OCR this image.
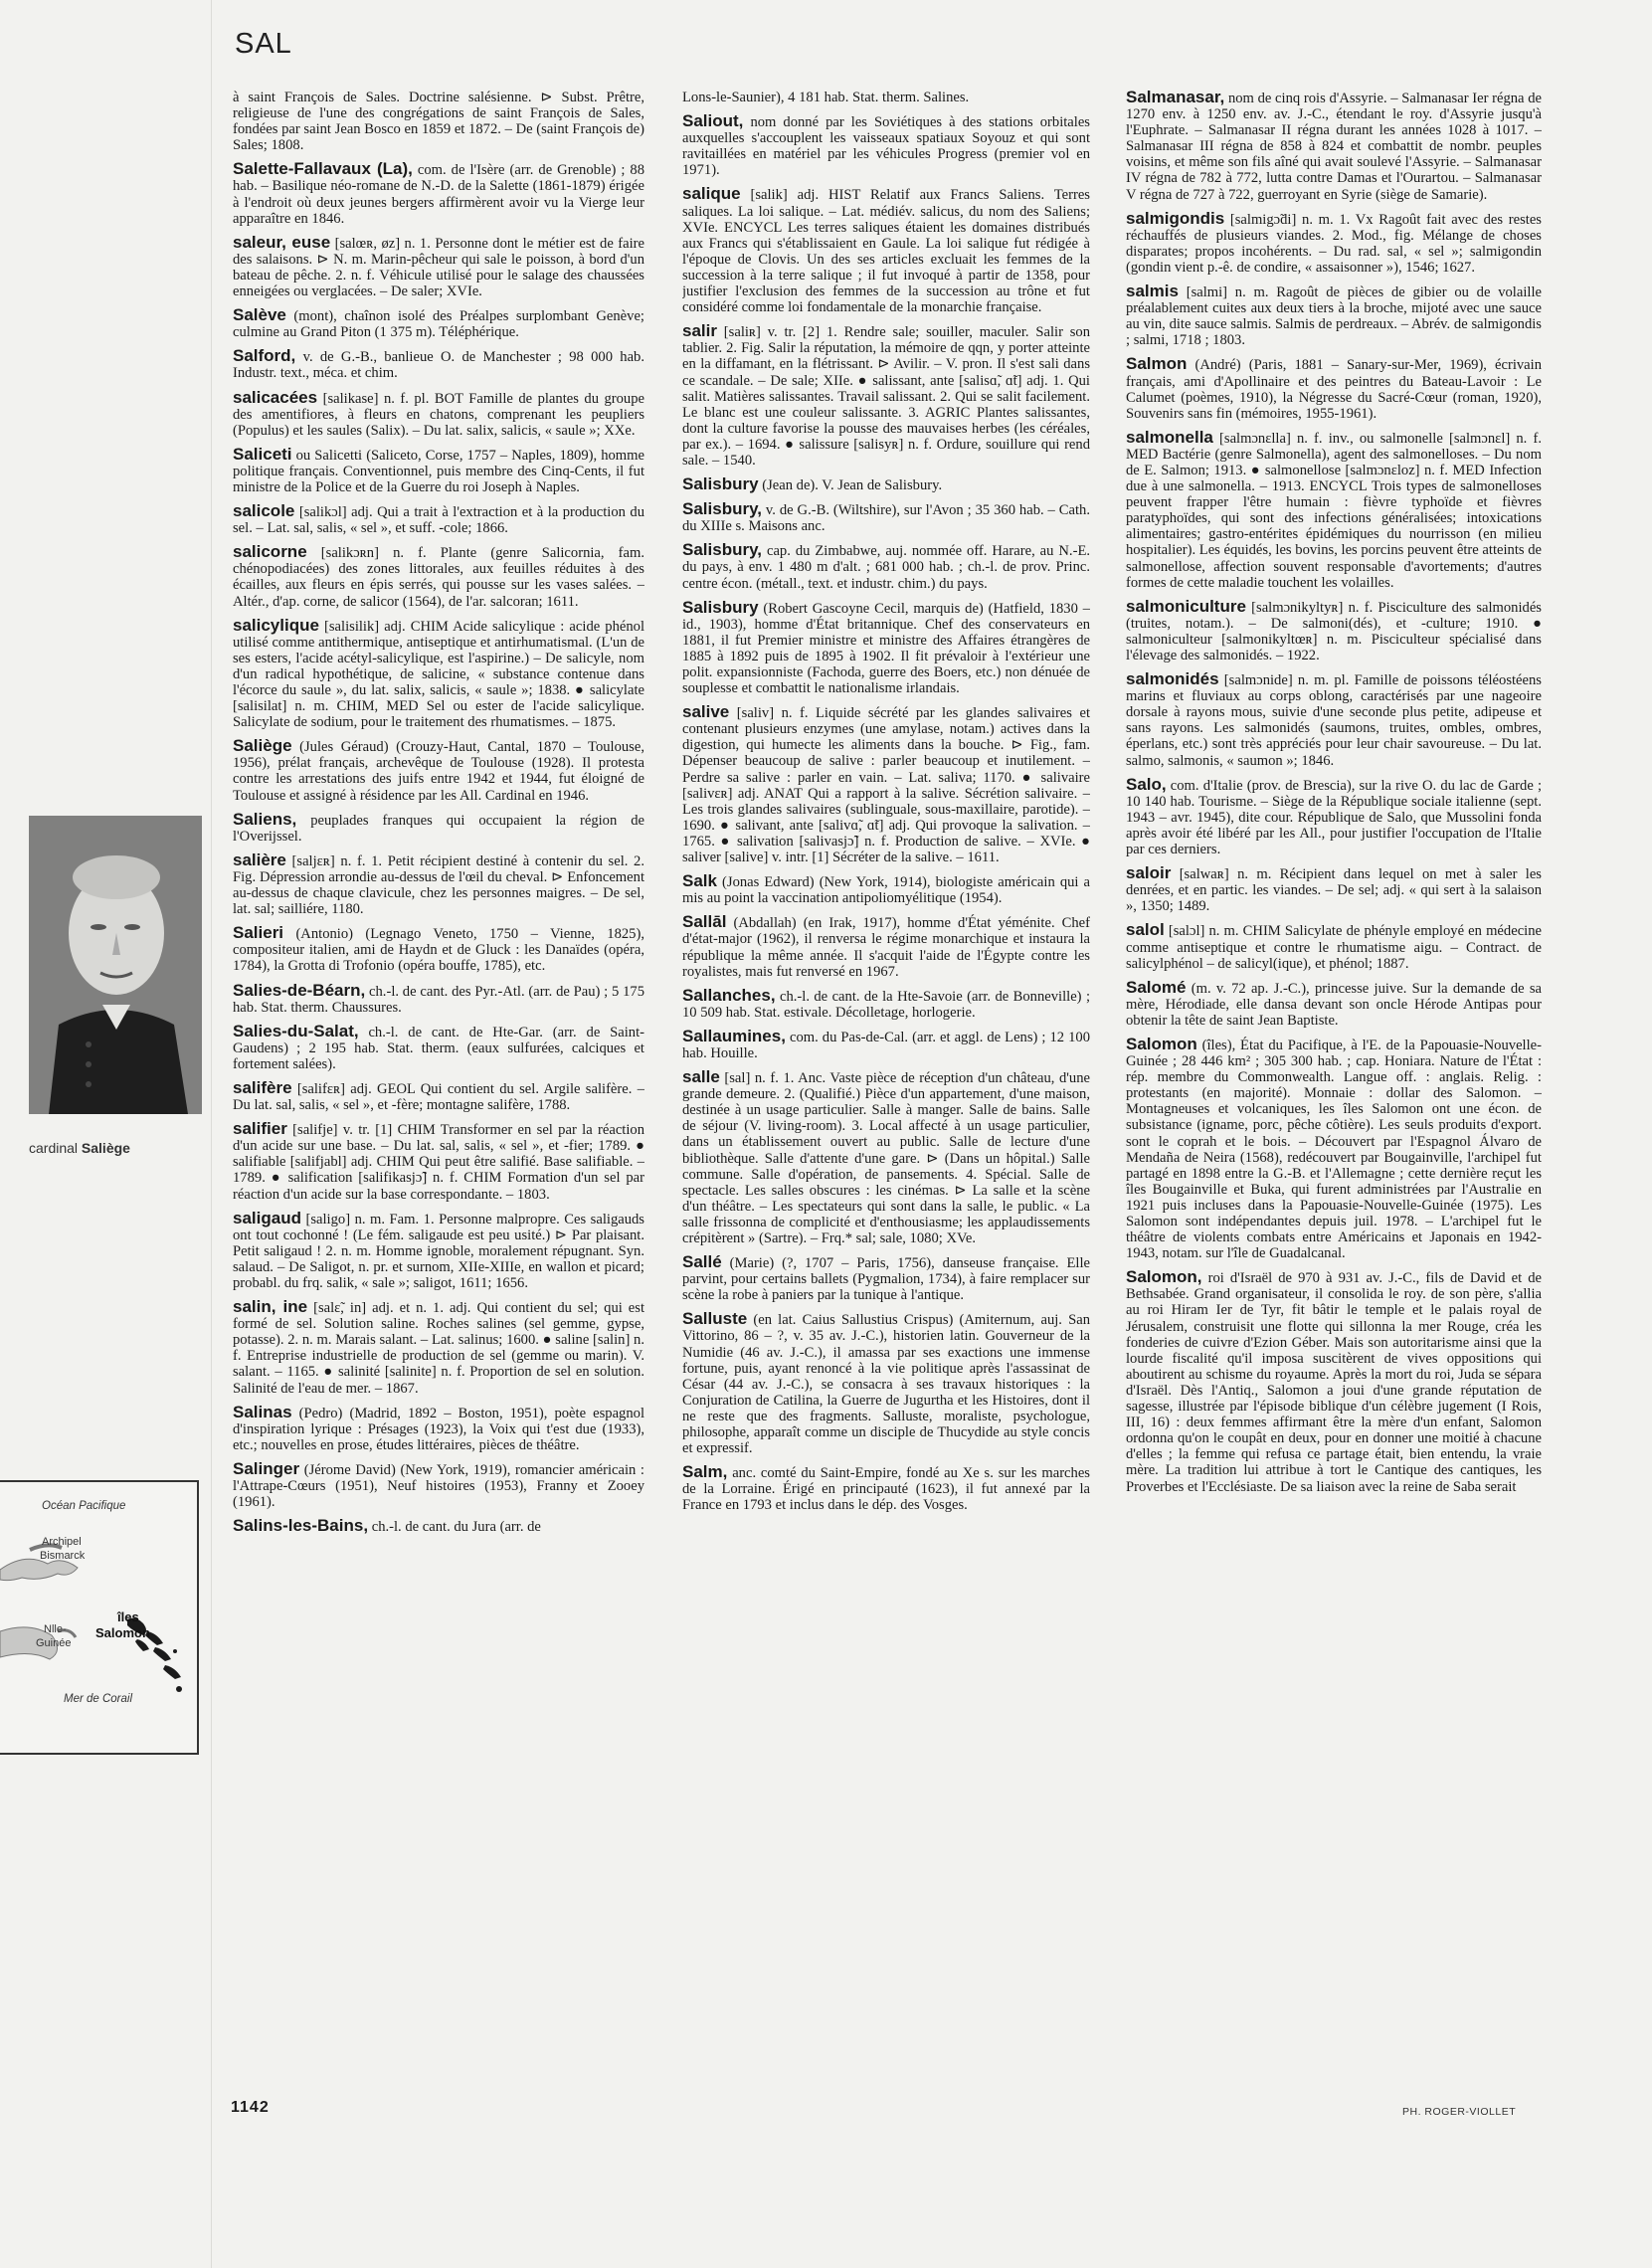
SAL

à saint François de Sales. Doctrine salésienne. ⊳ Subst. Prêtre, religieuse de l'une des congrégations de saint François de Sales, fondées par saint Jean Bosco en 1859 et 1872. – De (saint François de) Sales; 1808.

Salette-Fallavaux (La), com. de l'Isère (arr. de Grenoble) ; 88 hab. – Basilique néo-romane de N.-D. de la Salette (1861-1879) érigée à l'endroit où deux jeunes bergers affirmèrent avoir vu la Vierge leur apparaître en 1846.

saleur, euse [salœʀ, øz] n. 1. Personne dont le métier est de faire des salaisons. ⊳ N. m. Marin-pêcheur qui sale le poisson, à bord d'un bateau de pêche. 2. n. f. Véhicule utilisé pour le salage des chaussées enneigées ou verglacées. – De saler; XVIe.

Salève (mont), chaînon isolé des Préalpes surplombant Genève; culmine au Grand Piton (1 375 m). Téléphérique.

Salford, v. de G.-B., banlieue O. de Manchester ; 98 000 hab. Industr. text., méca. et chim.

salicacées [salikase] n. f. pl. BOT Famille de plantes du groupe des amentifiores, à fleurs en chatons, comprenant les peupliers (Populus) et les saules (Salix). – Du lat. salix, salicis, « saule »; XXe.

Saliceti ou Salicetti (Saliceto, Corse, 1757 – Naples, 1809), homme politique français. Conventionnel, puis membre des Cinq-Cents, il fut ministre de la Police et de la Guerre du roi Joseph à Naples.

salicole [salikɔl] adj. Qui a trait à l'extraction et à la production du sel. – Lat. sal, salis, « sel », et suff. -cole; 1866.

salicorne [salikɔʀn] n. f. Plante (genre Salicornia, fam. chénopodiacées) des zones littorales, aux feuilles réduites à des écailles, aux fleurs en épis serrés, qui pousse sur les vases salées. – Altér., d'ap. corne, de salicor (1564), de l'ar. salcoran; 1611.

salicylique [salisilik] adj. CHIM Acide salicylique : acide phénol utilisé comme antithermique, antiseptique et antirhumatismal. (L'un de ses esters, l'acide acétyl-salicylique, est l'aspirine.) – De salicyle, nom d'un radical hypothétique, de salicine, « substance contenue dans l'écorce du saule », du lat. salix, salicis, « saule »; 1838. ● salicylate [salisilat] n. m. CHIM, MED Sel ou ester de l'acide salicylique. Salicylate de sodium, pour le traitement des rhumatismes. – 1875.

Saliège (Jules Géraud) (Crouzy-Haut, Cantal, 1870 – Toulouse, 1956), prélat français, archevêque de Toulouse (1928). Il protesta contre les arrestations des juifs entre 1942 et 1944, fut éloigné de Toulouse et assigné à résidence par les All. Cardinal en 1946.

Saliens, peuplades franques qui occupaient la région de l'Overijssel.

salière [saljɛʀ] n. f. 1. Petit récipient destiné à contenir du sel. 2. Fig. Dépression arrondie au-dessus de l'œil du cheval. ⊳ Enfoncement au-dessus de chaque clavicule, chez les personnes maigres. – De sel, lat. sal; sailliére, 1180.

Salieri (Antonio) (Legnago Veneto, 1750 – Vienne, 1825), compositeur italien, ami de Haydn et de Gluck : les Danaïdes (opéra, 1784), la Grotta di Trofonio (opéra bouffe, 1785), etc.

Salies-de-Béarn, ch.-l. de cant. des Pyr.-Atl. (arr. de Pau) ; 5 175 hab. Stat. therm. Chaussures.

Salies-du-Salat, ch.-l. de cant. de Hte-Gar. (arr. de Saint-Gaudens) ; 2 195 hab. Stat. therm. (eaux sulfurées, calciques et fortement salées).

salifère [salifɛʀ] adj. GEOL Qui contient du sel. Argile salifère. – Du lat. sal, salis, « sel », et -fère; montagne salifère, 1788.

salifier [salifje] v. tr. [1] CHIM Transformer en sel par la réaction d'un acide sur une base. – Du lat. sal, salis, « sel », et -fier; 1789. ● salifiable [salifjabl] adj. CHIM Qui peut être salifié. Base salifiable. – 1789. ● salification [salifikasjɔ̃] n. f. CHIM Formation d'un sel par réaction d'un acide sur la base correspondante. – 1803.

saligaud [saligo] n. m. Fam. 1. Personne malpropre. Ces saligauds ont tout cochonné ! (Le fém. saligaude est peu usité.) ⊳ Par plaisant. Petit saligaud ! 2. n. m. Homme ignoble, moralement répugnant. Syn. salaud. – De Saligot, n. pr. et surnom, XIIe-XIIIe, en wallon et picard; probabl. du frq. salik, « sale »; saligot, 1611; 1656.

salin, ine [salɛ̃, in] adj. et n. 1. adj. Qui contient du sel; qui est formé de sel. Solution saline. Roches salines (sel gemme, gypse, potasse). 2. n. m. Marais salant. – Lat. salinus; 1600. ● saline [salin] n. f. Entreprise industrielle de production de sel (gemme ou marin). V. salant. – 1165. ● salinité [salinite] n. f. Proportion de sel en solution. Salinité de l'eau de mer. – 1867.

Salinas (Pedro) (Madrid, 1892 – Boston, 1951), poète espagnol d'inspiration lyrique : Présages (1923), la Voix qui t'est due (1933), etc.; nouvelles en prose, études littéraires, pièces de théâtre.

Salinger (Jérome David) (New York, 1919), romancier américain : l'Attrape-Cœurs (1951), Neuf histoires (1953), Franny et Zooey (1961).

Salins-les-Bains, ch.-l. de cant. du Jura (arr. de

Lons-le-Saunier), 4 181 hab. Stat. therm. Salines.

Saliout, nom donné par les Soviétiques à des stations orbitales auxquelles s'accouplent les vaisseaux spatiaux Soyouz et qui sont ravitaillées en matériel par les véhicules Progress (premier vol en 1971).

salique [salik] adj. HIST Relatif aux Francs Saliens. Terres saliques. La loi salique. – Lat. médiév. salicus, du nom des Saliens; XVIe. ENCYCL Les terres saliques étaient les domaines distribués aux Francs qui s'établissaient en Gaule. La loi salique fut rédigée à l'époque de Clovis. Un des ses articles excluait les femmes de la succession à la terre salique ; il fut invoqué à partir de 1358, pour justifier l'exclusion des femmes de la succession au trône et fut considéré comme loi fondamentale de la monarchie française.

salir [saliʀ] v. tr. [2] 1. Rendre sale; souiller, maculer. Salir son tablier. 2. Fig. Salir la réputation, la mémoire de qqn, y porter atteinte en la diffamant, en la flétrissant. ⊳ Avilir. – V. pron. Il s'est sali dans ce scandale. – De sale; XIIe. ● salissant, ante [salisɑ̃, ɑ̃t] adj. 1. Qui salit. Matières salissantes. Travail salissant. 2. Qui se salit facilement. Le blanc est une couleur salissante. 3. AGRIC Plantes salissantes, dont la culture favorise la pousse des mauvaises herbes (les céréales, par ex.). – 1694. ● salissure [salisyʀ] n. f. Ordure, souillure qui rend sale. – 1540.

Salisbury (Jean de). V. Jean de Salisbury.

Salisbury, v. de G.-B. (Wiltshire), sur l'Avon ; 35 360 hab. – Cath. du XIIIe s. Maisons anc.

Salisbury, cap. du Zimbabwe, auj. nommée off. Harare, au N.-E. du pays, à env. 1 480 m d'alt. ; 681 000 hab. ; ch.-l. de prov. Princ. centre écon. (métall., text. et industr. chim.) du pays.

Salisbury (Robert Gascoyne Cecil, marquis de) (Hatfield, 1830 – id., 1903), homme d'État britannique. Chef des conservateurs en 1881, il fut Premier ministre et ministre des Affaires étrangères de 1885 à 1892 puis de 1895 à 1902. Il fit prévaloir à l'extérieur une polit. expansionniste (Fachoda, guerre des Boers, etc.) non dénuée de souplesse et combattit le nationalisme irlandais.

salive [saliv] n. f. Liquide sécrété par les glandes salivaires et contenant plusieurs enzymes (une amylase, notam.) actives dans la digestion, qui humecte les aliments dans la bouche. ⊳ Fig., fam. Dépenser beaucoup de salive : parler beaucoup et inutilement. – Perdre sa salive : parler en vain. – Lat. saliva; 1170. ● salivaire [salivɛʀ] adj. ANAT Qui a rapport à la salive. Sécrétion salivaire. – Les trois glandes salivaires (sublinguale, sous-maxillaire, parotide). – 1690. ● salivant, ante [salivɑ̃, ɑ̃t] adj. Qui provoque la salivation. – 1765. ● salivation [salivasjɔ̃] n. f. Production de salive. – XVIe. ● saliver [salive] v. intr. [1] Sécréter de la salive. – 1611.

Salk (Jonas Edward) (New York, 1914), biologiste américain qui a mis au point la vaccination antipoliomyélitique (1954).

Sallāl (Abdallah) (en Irak, 1917), homme d'État yéménite. Chef d'état-major (1962), il renversa le régime monarchique et instaura la république la même année. Il s'acquit l'aide de l'Égypte contre les royalistes, mais fut renversé en 1967.

Sallanches, ch.-l. de cant. de la Hte-Savoie (arr. de Bonneville) ; 10 509 hab. Stat. estivale. Décolletage, horlogerie.

Sallaumines, com. du Pas-de-Cal. (arr. et aggl. de Lens) ; 12 100 hab. Houille.

salle [sal] n. f. 1. Anc. Vaste pièce de réception d'un château, d'une grande demeure. 2. (Qualifié.) Pièce d'un appartement, d'une maison, destinée à un usage particulier. Salle à manger. Salle de bains. Salle de séjour (V. living-room). 3. Local affecté à un usage particulier, dans un établissement ouvert au public. Salle de lecture d'une bibliothèque. Salle d'attente d'une gare. ⊳ (Dans un hôpital.) Salle commune. Salle d'opération, de pansements. 4. Spécial. Salle de spectacle. Les salles obscures : les cinémas. ⊳ La salle et la scène d'un théâtre. – Les spectateurs qui sont dans la salle, le public. « La salle frissonna de complicité et d'enthousiasme; les applaudissements crépitèrent » (Sartre). – Frq.* sal; sale, 1080; XVe.

Sallé (Marie) (?, 1707 – Paris, 1756), danseuse française. Elle parvint, pour certains ballets (Pygmalion, 1734), à faire remplacer sur scène la robe à paniers par la tunique à l'antique.

Salluste (en lat. Caius Sallustius Crispus) (Amiternum, auj. San Vittorino, 86 – ?, v. 35 av. J.-C.), historien latin. Gouverneur de la Numidie (46 av. J.-C.), il amassa par ses exactions une immense fortune, puis, ayant renoncé à la vie politique après l'assassinat de César (44 av. J.-C.), se consacra à ses travaux historiques : la Conjuration de Catilina, la Guerre de Jugurtha et les Histoires, dont il ne reste que des fragments. Salluste, moraliste, psychologue, philosophe, apparaît comme un disciple de Thucydide au style concis et expressif.

Salm, anc. comté du Saint-Empire, fondé au Xe s. sur les marches de la Lorraine. Érigé en principauté (1623), il fut annexé par la France en 1793 et inclus dans le dép. des Vosges.

Salmanasar, nom de cinq rois d'Assyrie. – Salmanasar Ier régna de 1270 env. à 1250 env. av. J.-C., étendant le roy. d'Assyrie jusqu'à l'Euphrate. – Salmanasar II régna durant les années 1028 à 1017. – Salmanasar III régna de 858 à 824 et combattit de nombr. peuples voisins, et même son fils aîné qui avait soulevé l'Assyrie. – Salmanasar IV régna de 782 à 772, lutta contre Damas et l'Ourartou. – Salmanasar V régna de 727 à 722, guerroyant en Syrie (siège de Samarie).

salmigondis [salmigɔ̃di] n. m. 1. Vx Ragoût fait avec des restes réchauffés de plusieurs viandes. 2. Mod., fig. Mélange de choses disparates; propos incohérents. – Du rad. sal, « sel »; salmigondin (gondin vient p.-ê. de condire, « assaisonner »), 1546; 1627.

salmis [salmi] n. m. Ragoût de pièces de gibier ou de volaille préalablement cuites aux deux tiers à la broche, mijoté avec une sauce au vin, dite sauce salmis. Salmis de perdreaux. – Abrév. de salmigondis ; salmi, 1718 ; 1803.

Salmon (André) (Paris, 1881 – Sanary-sur-Mer, 1969), écrivain français, ami d'Apollinaire et des peintres du Bateau-Lavoir : Le Calumet (poèmes, 1910), la Négresse du Sacré-Cœur (roman, 1920), Souvenirs sans fin (mémoires, 1955-1961).

salmonella [salmɔnɛlla] n. f. inv., ou salmonelle [salmɔnɛl] n. f. MED Bactérie (genre Salmonella), agent des salmonelloses. – Du nom de E. Salmon; 1913. ● salmonellose [salmɔnɛloz] n. f. MED Infection due à une salmonella. – 1913. ENCYCL Trois types de salmonelloses peuvent frapper l'être humain : fièvre typhoïde et fièvres paratyphoïdes, qui sont des infections généralisées; intoxications alimentaires; gastro-entérites épidémiques du nourrisson (en milieu hospitalier). Les équidés, les bovins, les porcins peuvent être atteints de salmonellose, affection souvent responsable d'avortements; d'autres formes de cette maladie touchent les volailles.

salmoniculture [salmɔnikyltyʀ] n. f. Pisciculture des salmonidés (truites, notam.). – De salmoni(dés), et -culture; 1910. ● salmoniculteur [salmonikyltœʀ] n. m. Pisciculteur spécialisé dans l'élevage des salmonidés. – 1922.

salmonidés [salmɔnide] n. m. pl. Famille de poissons téléostéens marins et fluviaux au corps oblong, caractérisés par une nageoire dorsale à rayons mous, suivie d'une seconde plus petite, adipeuse et sans rayons. Les salmonidés (saumons, truites, ombles, ombres, éperlans, etc.) sont très appréciés pour leur chair savoureuse. – Du lat. salmo, salmonis, « saumon »; 1846.

Salo, com. d'Italie (prov. de Brescia), sur la rive O. du lac de Garde ; 10 140 hab. Tourisme. – Siège de la République sociale italienne (sept. 1943 – avr. 1945), dite cour. République de Salo, que Mussolini fonda après avoir été libéré par les All., pour justifier l'occupation de l'Italie par ces derniers.

saloir [salwaʀ] n. m. Récipient dans lequel on met à saler les denrées, et en partic. les viandes. – De sel; adj. « qui sert à la salaison », 1350; 1489.

salol [salɔl] n. m. CHIM Salicylate de phényle employé en médecine comme antiseptique et contre le rhumatisme aigu. – Contract. de salicylphénol – de salicyl(ique), et phénol; 1887.

Salomé (m. v. 72 ap. J.-C.), princesse juive. Sur la demande de sa mère, Hérodiade, elle dansa devant son oncle Hérode Antipas pour obtenir la tête de saint Jean Baptiste.

Salomon (îles), État du Pacifique, à l'E. de la Papouasie-Nouvelle-Guinée ; 28 446 km² ; 305 300 hab. ; cap. Honiara. Nature de l'État : rép. membre du Commonwealth. Langue off. : anglais. Relig. : protestants (en majorité). Monnaie : dollar des Salomon. – Montagneuses et volcaniques, les îles Salomon ont une écon. de subsistance (igname, porc, pêche côtière). Les seuls produits d'export. sont le coprah et le bois. – Découvert par l'Espagnol Álvaro de Mendaña de Neira (1568), redécouvert par Bougainville, l'archipel fut partagé en 1898 entre la G.-B. et l'Allemagne ; cette dernière reçut les îles Bougainville et Buka, qui furent administrées par l'Australie en 1921 puis incluses dans la Papouasie-Nouvelle-Guinée (1975). Les Salomon sont indépendantes depuis juil. 1978. – L'archipel fut le théâtre de violents combats entre Américains et Japonais en 1942-1943, notam. sur l'île de Guadalcanal.

Salomon, roi d'Israël de 970 à 931 av. J.-C., fils de David et de Bethsabée. Grand organisateur, il consolida le roy. de son père, s'allia au roi Hiram Ier de Tyr, fit bâtir le temple et le palais royal de Jérusalem, construisit une flotte qui sillonna la mer Rouge, créa les fonderies de cuivre d'Ezion Géber. Mais son autoritarisme ainsi que la lourde fiscalité qu'il imposa suscitèrent de vives oppositions qui aboutirent au schisme du royaume. Après la mort du roi, Juda se sépara d'Israël. Dès l'Antiq., Salomon a joui d'une grande réputation de sagesse, illustrée par l'épisode biblique d'un célèbre jugement (I Rois, III, 16) : deux femmes affirmant être la mère d'un enfant, Salomon ordonna qu'on le coupât en deux, pour en donner une moitié à chacune d'elles ; la femme qui refusa ce partage était, bien entendu, la vraie mère. La tradition lui attribue à tort le Cantique des cantiques, les Proverbes et l'Ecclésiaste. De sa liaison avec la reine de Saba serait

cardinal Saliège
Océan Pacifique
Archipel
Bismarck
Nlle-
Guinée
îles
Salomon
Mer de Corail
1142	PH. ROGER-VIOLLET
